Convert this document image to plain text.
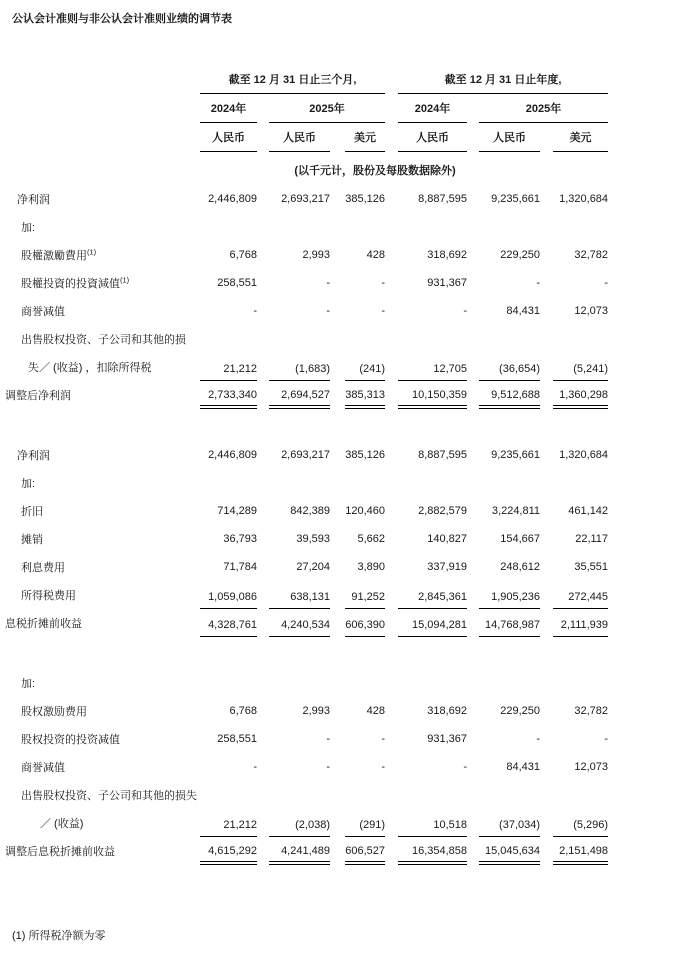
公认会计准则与非公认会计准则业绩的调节表

	截至 12 月 31 日止三个月,			截至 12 月 31 日止年度,		

	2024年	2025年		2024年	2025年	

	人民币	人民币	美元	人民币	人民币	美元

	(以千元计，股份及每股数据除外)					
净利润	2,446,809	2,693,217	385,126	8,887,595	9,235,661	1,320,684

加:	

股權激勵費用$^{(1)}$	6,768	2,993	428	318,692	229,250	32,782

股權投資的投資減值$^{(1)}$	258,551	-	-	931,367	-	-

商誉减值	-	-	-	-	84,431	12,073

出售股权投资、子公司和其他的损	

失／ (收益) ，扣除所得税	21,212	(1,683)	(241)	12,705	(36,654)	(5,241)

调整后净利润	2,733,340	2,694,527	385,313	10,150,359	9,512,688	1,360,298

净利润	2,446,809	2,693,217	385,126	8,887,595	9,235,661	1,320,684

加:	

折旧	714,289	842,389	120,460	2,882,579	3,224,811	461,142

摊销	36,793	39,593	5,662	140,827	154,667	22,117

利息费用	71,784	27,204	3,890	337,919	248,612	35,551

所得税费用	1,059,086	638,131	91,252	2,845,361	1,905,236	272,445

息税折摊前收益	4,328,761	4,240,534	606,390	15,094,281	14,768,987	2,111,939

加:	

股权激励费用	6,768	2,993	428	318,692	229,250	32,782

股权投资的投资减值	258,551	-	-	931,367	-	-

商誉减值	-	-	-	-	84,431	12,073

出售股权投资、子公司和其他的损失	

／ (收益)	21,212	(2,038)	(291)	10,518	(37,034)	(5,296)

调整后息税折摊前收益	4,615,292	4,241,489	606,527	16,354,858	15,045,634	2,151,498
(1) 所得税净额为零
